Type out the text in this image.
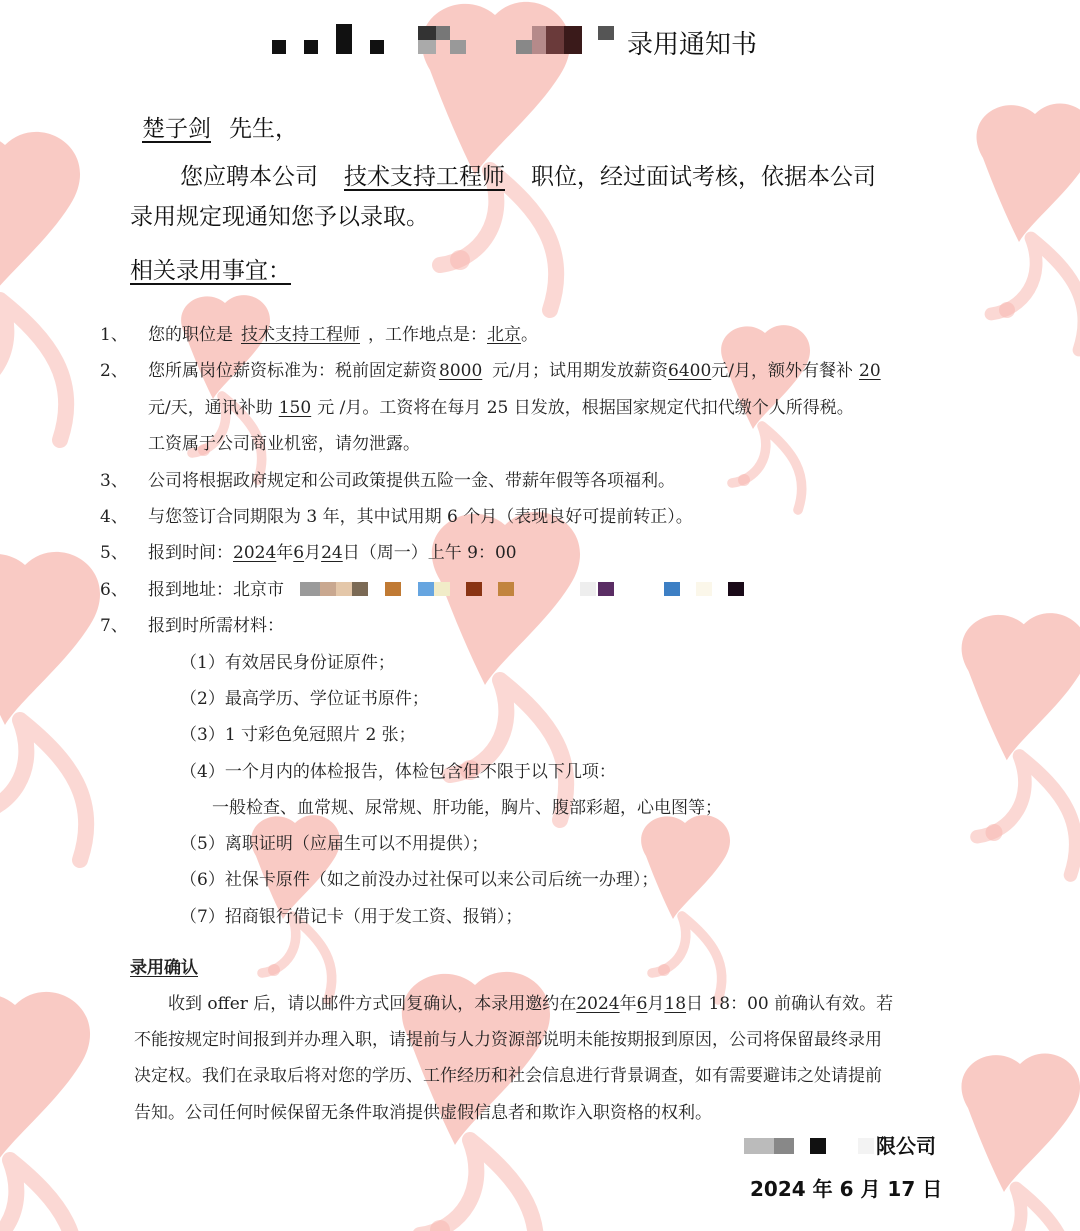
录用通知书
楚子剑 先生，
您应聘本公司 技术支持工程师 职位，经过面试考核，依据本公司
录用规定现通知您予以录取。
相关录用事宜：
1、 您的职位是 技术支持工程师 ，工作地点是：北京。
2、 您所属岗位薪资标准为：税前固定薪资 8000 元/月；试用期发放薪资6400元/月，额外有餐补 20
元/天，通讯补助 150 元 /月。工资将在每月 25 日发放，根据国家规定代扣代缴个人所得税。
工资属于公司商业机密，请勿泄露。
3、 公司将根据政府规定和公司政策提供五险一金、带薪年假等各项福利。
4、 与您签订合同期限为 3 年，其中试用期 6 个月（表现良好可提前转正）。
5、 报到时间：2024年6月24日（周一）上午 9：00
6、 报到地址：北京市
7、 报到时所需材料：
（1）有效居民身份证原件；
（2）最高学历、学位证书原件；
（3）1 寸彩色免冠照片 2 张；
（4）一个月内的体检报告，体检包含但不限于以下几项：
一般检查、血常规、尿常规、肝功能，胸片、腹部彩超，心电图等；
（5）离职证明（应届生可以不用提供）；
（6）社保卡原件（如之前没办过社保可以来公司后统一办理）；
（7）招商银行借记卡（用于发工资、报销）；
录用确认
收到 offer 后，请以邮件方式回复确认，本录用邀约在2024年6月18日 18：00 前确认有效。若
不能按规定时间报到并办理入职，请提前与人力资源部说明未能按期报到原因，公司将保留最终录用
决定权。我们在录取后将对您的学历、工作经历和社会信息进行背景调查，如有需要避讳之处请提前
告知。公司任何时候保留无条件取消提供虚假信息者和欺诈入职资格的权利。
限公司
2024 年 6 月 17 日
